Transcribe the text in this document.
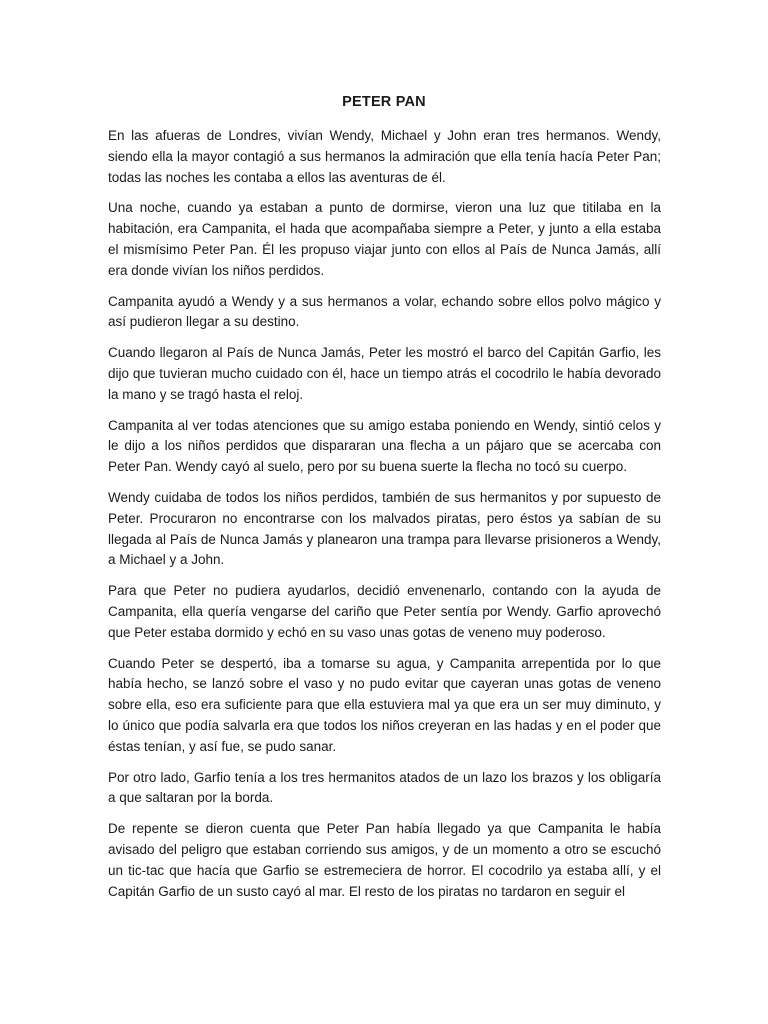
PETER PAN

En las afueras de Londres, vivían Wendy, Michael y John eran tres hermanos. Wendy, siendo ella la mayor contagió a sus hermanos la admiración que ella tenía hacía Peter Pan; todas las noches les contaba a ellos las aventuras de él.

Una noche, cuando ya estaban a punto de dormirse, vieron una luz que titilaba en la habitación, era Campanita, el hada que acompañaba siempre a Peter, y junto a ella estaba el mismísimo Peter Pan. Él les propuso viajar junto con ellos al País de Nunca Jamás, allí era donde vivían los niños perdidos.

Campanita ayudó a Wendy y a sus hermanos a volar, echando sobre ellos polvo mágico y así pudieron llegar a su destino.

Cuando llegaron al País de Nunca Jamás, Peter les mostró el barco del Capitán Garfio, les dijo que tuvieran mucho cuidado con él, hace un tiempo atrás el cocodrilo le había devorado la mano y se tragó hasta el reloj.

Campanita al ver todas atenciones que su amigo estaba poniendo en Wendy, sintió celos y le dijo a los niños perdidos que dispararan una flecha a un pájaro que se acercaba con Peter Pan. Wendy cayó al suelo, pero por su buena suerte la flecha no tocó su cuerpo.

Wendy cuidaba de todos los niños perdidos, también de sus hermanitos y por supuesto de Peter. Procuraron no encontrarse con los malvados piratas, pero éstos ya sabían de su llegada al País de Nunca Jamás y planearon una trampa para llevarse prisioneros a Wendy, a Michael y a John.

Para que Peter no pudiera ayudarlos, decidió envenenarlo, contando con la ayuda de Campanita, ella quería vengarse del cariño que Peter sentía por Wendy. Garfio aprovechó que Peter estaba dormido y echó en su vaso unas gotas de veneno muy poderoso.

Cuando Peter se despertó, iba a tomarse su agua, y Campanita arrepentida por lo que había hecho, se lanzó sobre el vaso y no pudo evitar que cayeran unas gotas de veneno sobre ella, eso era suficiente para que ella estuviera mal ya que era un ser muy diminuto, y lo único que podía salvarla era que todos los niños creyeran en las hadas y en el poder que éstas tenían, y así fue, se pudo sanar.

Por otro lado, Garfio tenía a los tres hermanitos atados de un lazo los brazos y los obligaría a que saltaran por la borda.

De repente se dieron cuenta que Peter Pan había llegado ya que Campanita le había avisado del peligro que estaban corriendo sus amigos, y de un momento a otro se escuchó un tic-tac que hacía que Garfio se estremeciera de horror. El cocodrilo ya estaba allí, y el Capitán Garfio de un susto cayó al mar. El resto de los piratas no tardaron en seguir el
